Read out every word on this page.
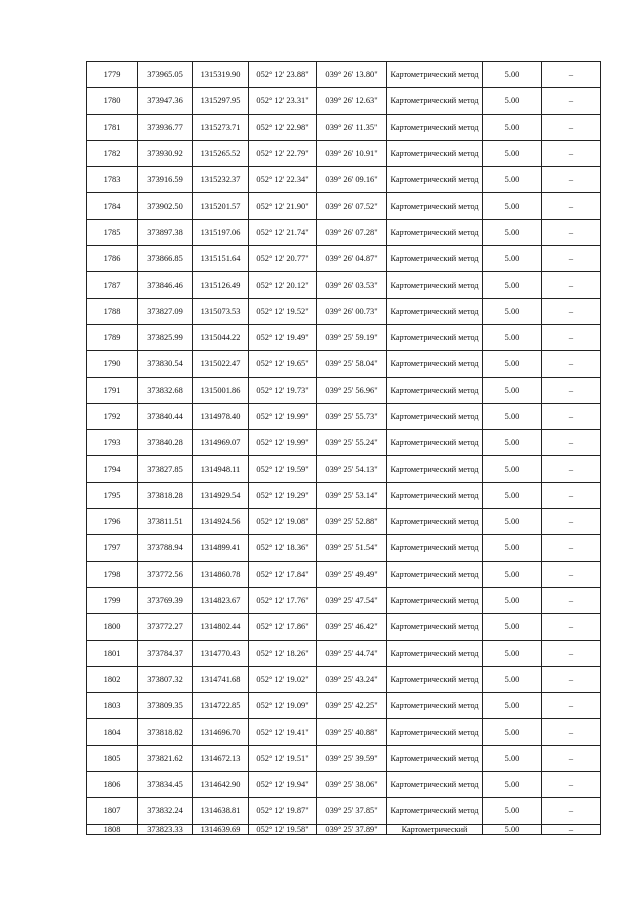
1779	373965.05	1315319.90	052° 12' 23.88"	039° 26' 13.80"	Картометрический метод	5.00	–
1780	373947.36	1315297.95	052° 12' 23.31"	039° 26' 12.63"	Картометрический метод	5.00	–
1781	373936.77	1315273.71	052° 12' 22.98"	039° 26' 11.35"	Картометрический метод	5.00	–
1782	373930.92	1315265.52	052° 12' 22.79"	039° 26' 10.91"	Картометрический метод	5.00	–
1783	373916.59	1315232.37	052° 12' 22.34"	039° 26' 09.16"	Картометрический метод	5.00	–
1784	373902.50	1315201.57	052° 12' 21.90"	039° 26' 07.52"	Картометрический метод	5.00	–
1785	373897.38	1315197.06	052° 12' 21.74"	039° 26' 07.28"	Картометрический метод	5.00	–
1786	373866.85	1315151.64	052° 12' 20.77"	039° 26' 04.87"	Картометрический метод	5.00	–
1787	373846.46	1315126.49	052° 12' 20.12"	039° 26' 03.53"	Картометрический метод	5.00	–
1788	373827.09	1315073.53	052° 12' 19.52"	039° 26' 00.73"	Картометрический метод	5.00	–
1789	373825.99	1315044.22	052° 12' 19.49"	039° 25' 59.19"	Картометрический метод	5.00	–
1790	373830.54	1315022.47	052° 12' 19.65"	039° 25' 58.04"	Картометрический метод	5.00	–
1791	373832.68	1315001.86	052° 12' 19.73"	039° 25' 56.96"	Картометрический метод	5.00	–
1792	373840.44	1314978.40	052° 12' 19.99"	039° 25' 55.73"	Картометрический метод	5.00	–
1793	373840.28	1314969.07	052° 12' 19.99"	039° 25' 55.24"	Картометрический метод	5.00	–
1794	373827.85	1314948.11	052° 12' 19.59"	039° 25' 54.13"	Картометрический метод	5.00	–
1795	373818.28	1314929.54	052° 12' 19.29"	039° 25' 53.14"	Картометрический метод	5.00	–
1796	373811.51	1314924.56	052° 12' 19.08"	039° 25' 52.88"	Картометрический метод	5.00	–
1797	373788.94	1314899.41	052° 12' 18.36"	039° 25' 51.54"	Картометрический метод	5.00	–
1798	373772.56	1314860.78	052° 12' 17.84"	039° 25' 49.49"	Картометрический метод	5.00	–
1799	373769.39	1314823.67	052° 12' 17.76"	039° 25' 47.54"	Картометрический метод	5.00	–
1800	373772.27	1314802.44	052° 12' 17.86"	039° 25' 46.42"	Картометрический метод	5.00	–
1801	373784.37	1314770.43	052° 12' 18.26"	039° 25' 44.74"	Картометрический метод	5.00	–
1802	373807.32	1314741.68	052° 12' 19.02"	039° 25' 43.24"	Картометрический метод	5.00	–
1803	373809.35	1314722.85	052° 12' 19.09"	039° 25' 42.25"	Картометрический метод	5.00	–
1804	373818.82	1314696.70	052° 12' 19.41"	039° 25' 40.88"	Картометрический метод	5.00	–
1805	373821.62	1314672.13	052° 12' 19.51"	039° 25' 39.59"	Картометрический метод	5.00	–
1806	373834.45	1314642.90	052° 12' 19.94"	039° 25' 38.06"	Картометрический метод	5.00	–
1807	373832.24	1314638.81	052° 12' 19.87"	039° 25' 37.85"	Картометрический метод	5.00	–
1808	373823.33	1314639.69	052° 12' 19.58"	039° 25' 37.89"	Картометрический	5.00	–
